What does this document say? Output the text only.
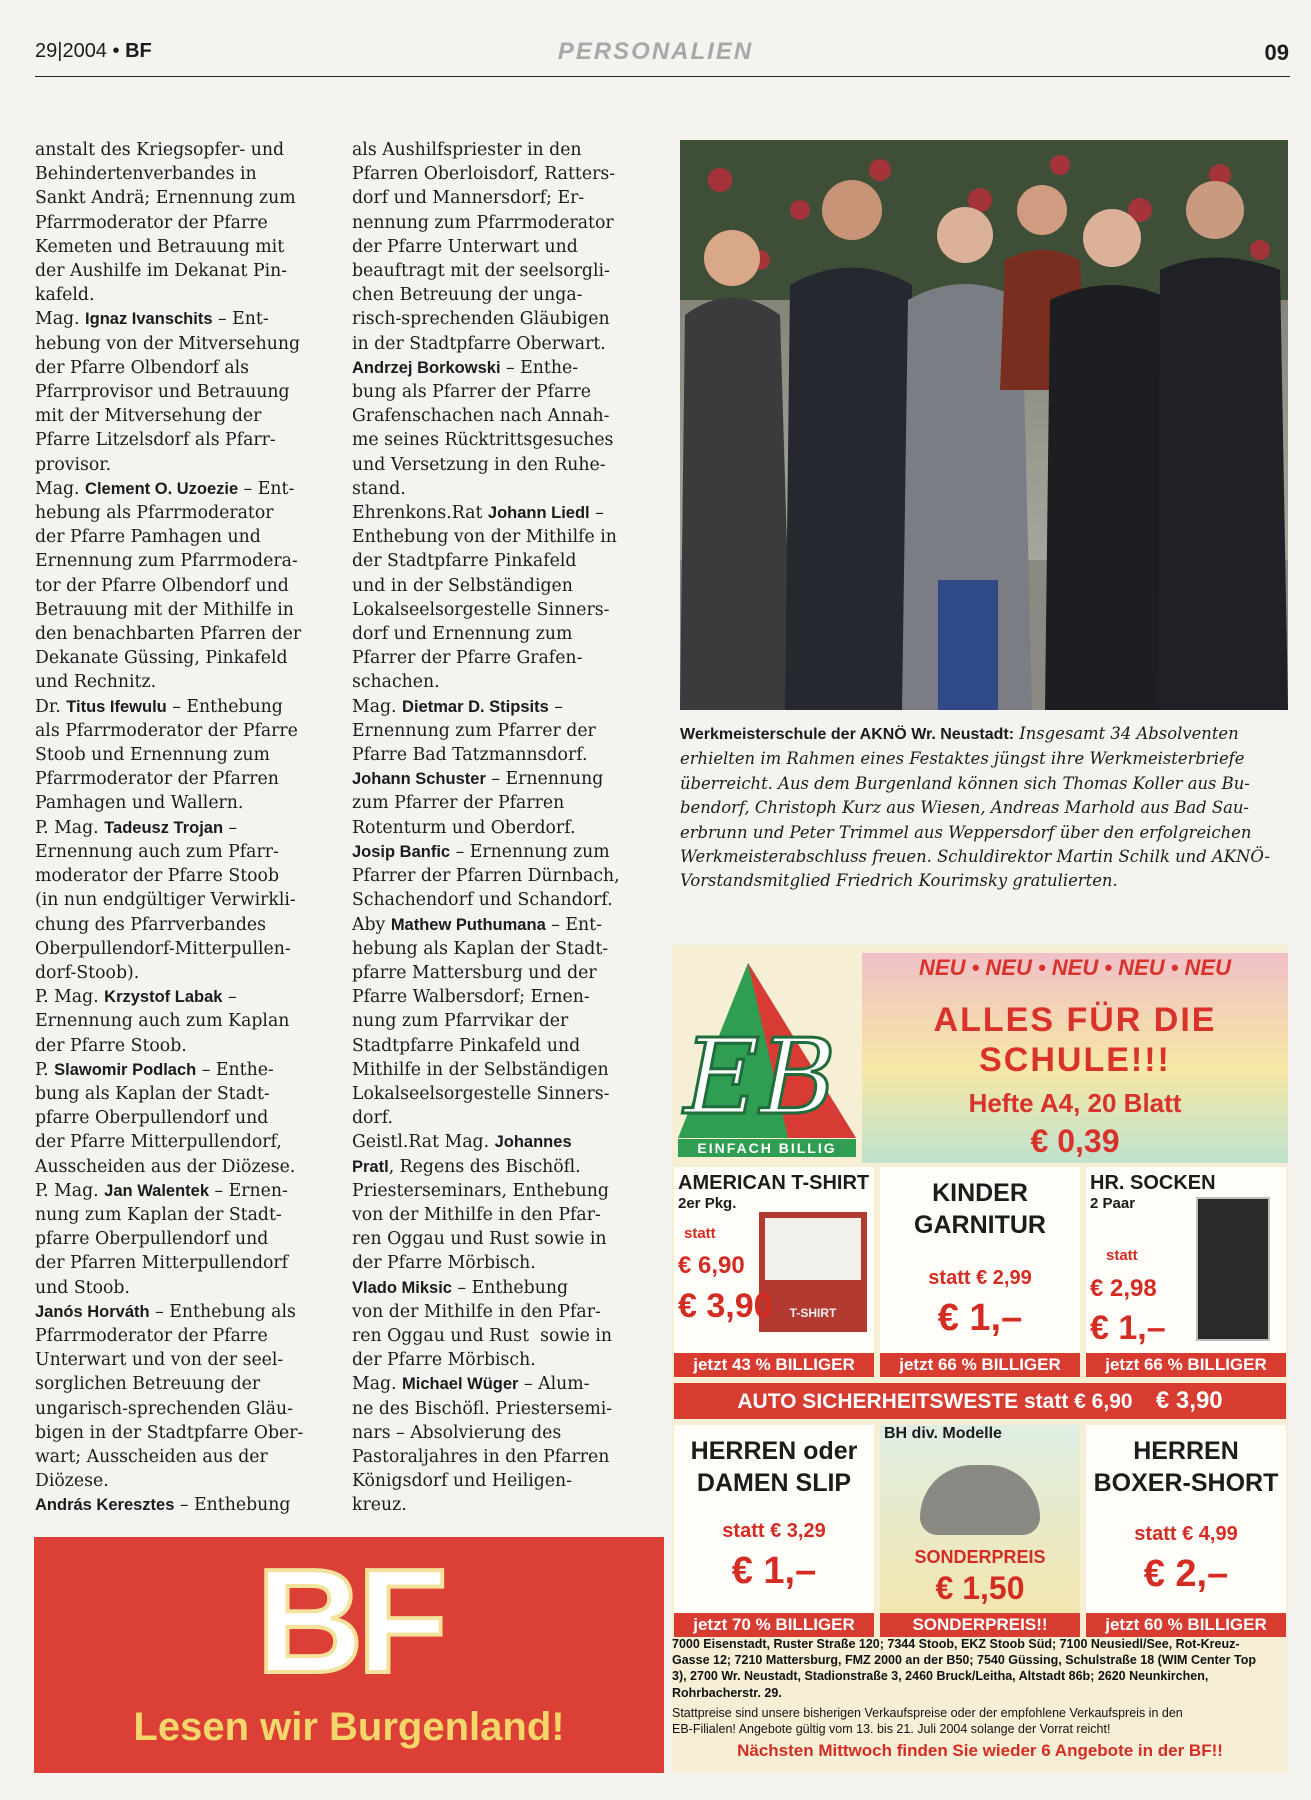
29|2004 • BF	PERSONALIEN	09
anstalt des Kriegsopfer- und
Behindertenverbandes in
Sankt Andrä; Ernennung zum
Pfarrmoderator der Pfarre
Kemeten und Betrauung mit
der Aushilfe im Dekanat Pin-
kafeld.
Mag. Ignaz Ivanschits – Ent-
hebung von der Mitversehung
der Pfarre Olbendorf als
Pfarrprovisor und Betrauung
mit der Mitversehung der
Pfarre Litzelsdorf als Pfarr-
provisor.
Mag. Clement O. Uzoezie – Ent-
hebung als Pfarrmoderator
der Pfarre Pamhagen und
Ernennung zum Pfarrmodera-
tor der Pfarre Olbendorf und
Betrauung mit der Mithilfe in
den benachbarten Pfarren der
Dekanate Güssing, Pinkafeld
und Rechnitz.
Dr. Titus Ifewulu – Enthebung
als Pfarrmoderator der Pfarre
Stoob und Ernennung zum
Pfarrmoderator der Pfarren
Pamhagen und Wallern.
P. Mag. Tadeusz Trojan –
Ernennung auch zum Pfarr-
moderator der Pfarre Stoob
(in nun endgültiger Verwirkli-
chung des Pfarrverbandes
Oberpullendorf-Mitterpullen-
dorf-Stoob).
P. Mag. Krzystof Labak –
Ernennung auch zum Kaplan
der Pfarre Stoob.
P. Slawomir Podlach – Enthe-
bung als Kaplan der Stadt-
pfarre Oberpullendorf und
der Pfarre Mitterpullendorf,
Ausscheiden aus der Diözese.
P. Mag. Jan Walentek – Ernen-
nung zum Kaplan der Stadt-
pfarre Oberpullendorf und
der Pfarren Mitterpullendorf
und Stoob.
Janós Horváth – Enthebung als
Pfarrmoderator der Pfarre
Unterwart und von der seel-
sorglichen Betreuung der
ungarisch-sprechenden Gläu-
bigen in der Stadtpfarre Ober-
wart; Ausscheiden aus der
Diözese.
András Keresztes – Enthebung
als Aushilfspriester in den
Pfarren Oberloisdorf, Ratters-
dorf und Mannersdorf; Er-
nennung zum Pfarrmoderator
der Pfarre Unterwart und
beauftragt mit der seelsorgli-
chen Betreuung der unga-
risch-sprechenden Gläubigen
in der Stadtpfarre Oberwart.
Andrzej Borkowski – Enthe-
bung als Pfarrer der Pfarre
Grafenschachen nach Annah-
me seines Rücktrittsgesuches
und Versetzung in den Ruhe-
stand.
Ehrenkons.Rat Johann Liedl –
Enthebung von der Mithilfe in
der Stadtpfarre Pinkafeld
und in der Selbständigen
Lokalseelsorgestelle Sinners-
dorf und Ernennung zum
Pfarrer der Pfarre Grafen-
schachen.
Mag. Dietmar D. Stipsits –
Ernennung zum Pfarrer der
Pfarre Bad Tatzmannsdorf.
Johann Schuster – Ernennung
zum Pfarrer der Pfarren
Rotenturm und Oberdorf.
Josip Banfic – Ernennung zum
Pfarrer der Pfarren Dürnbach,
Schachendorf und Schandorf.
Aby Mathew Puthumana – Ent-
hebung als Kaplan der Stadt-
pfarre Mattersburg und der
Pfarre Walbersdorf; Ernen-
nung zum Pfarrvikar der
Stadtpfarre Pinkafeld und
Mithilfe in der Selbständigen
Lokalseelsorgestelle Sinners-
dorf.
Geistl.Rat Mag. Johannes
Pratl, Regens des Bischöfl.
Priesterseminars, Enthebung
von der Mithilfe in den Pfar-
ren Oggau und Rust sowie in
der Pfarre Mörbisch.
Vlado Miksic – Enthebung
von der Mithilfe in den Pfar-
ren Oggau und Rust  sowie in
der Pfarre Mörbisch.
Mag. Michael Wüger – Alum-
ne des Bischöfl. Priestersemi-
nars – Absolvierung des
Pastoraljahres in den Pfarren
Königsdorf und Heiligen-
kreuz.
Werkmeisterschule der AKNÖ Wr. Neustadt: Insgesamt 34 Absolventen
erhielten im Rahmen eines Festaktes jüngst ihre Werkmeisterbriefe
überreicht. Aus dem Burgenland können sich Thomas Koller aus Bu-
bendorf, Christoph Kurz aus Wiesen, Andreas Marhold aus Bad Sau-
erbrunn und Peter Trimmel aus Weppersdorf über den erfolgreichen
Werkmeisterabschluss freuen. Schuldirektor Martin Schilk und AKNÖ-
Vorstandsmitglied Friedrich Kourimsky gratulierten.
BF
Lesen wir Burgenland!
EB
EINFACH BILLIG
NEU • NEU • NEU • NEU • NEU
ALLES FÜR DIE
SCHULE!!!
Hefte A4, 20 Blatt
€ 0,39
AMERICAN T-SHIRT
2er Pkg.
statt
T-SHIRT
€ 6,90
€ 3,90
jetzt 43 % BILLIGER
KINDER GARNITUR
statt € 2,99
€ 1,–
jetzt 66 % BILLIGER
HR. SOCKEN
2 Paar
statt
€ 2,98
€ 1,–
jetzt 66 % BILLIGER
AUTO SICHERHEITSWESTE statt € 6,90 € 3,90
HERREN oder DAMEN SLIP
statt € 3,29
€ 1,–
jetzt 70 % BILLIGER
BH div. Modelle
SONDERPREIS
€ 1,50
SONDERPREIS!!
HERREN BOXER-SHORT
statt € 4,99
€ 2,–
jetzt 60 % BILLIGER
7000 Eisenstadt, Ruster Straße 120; 7344 Stoob, EKZ Stoob Süd; 7100 Neusiedl/See, Rot-Kreuz-
Gasse 12; 7210 Mattersburg, FMZ 2000 an der B50; 7540 Güssing, Schulstraße 18 (WIM Center Top
3), 2700 Wr. Neustadt, Stadionstraße 3, 2460 Bruck/Leitha, Altstadt 86b; 2620 Neunkirchen,
Rohrbacherstr. 29.
Stattpreise sind unsere bisherigen Verkaufspreise oder der empfohlene Verkaufspreis in den
EB-Filialen! Angebote gültig vom 13. bis 21. Juli 2004 solange der Vorrat reicht!
Nächsten Mittwoch finden Sie wieder 6 Angebote in der BF!!
